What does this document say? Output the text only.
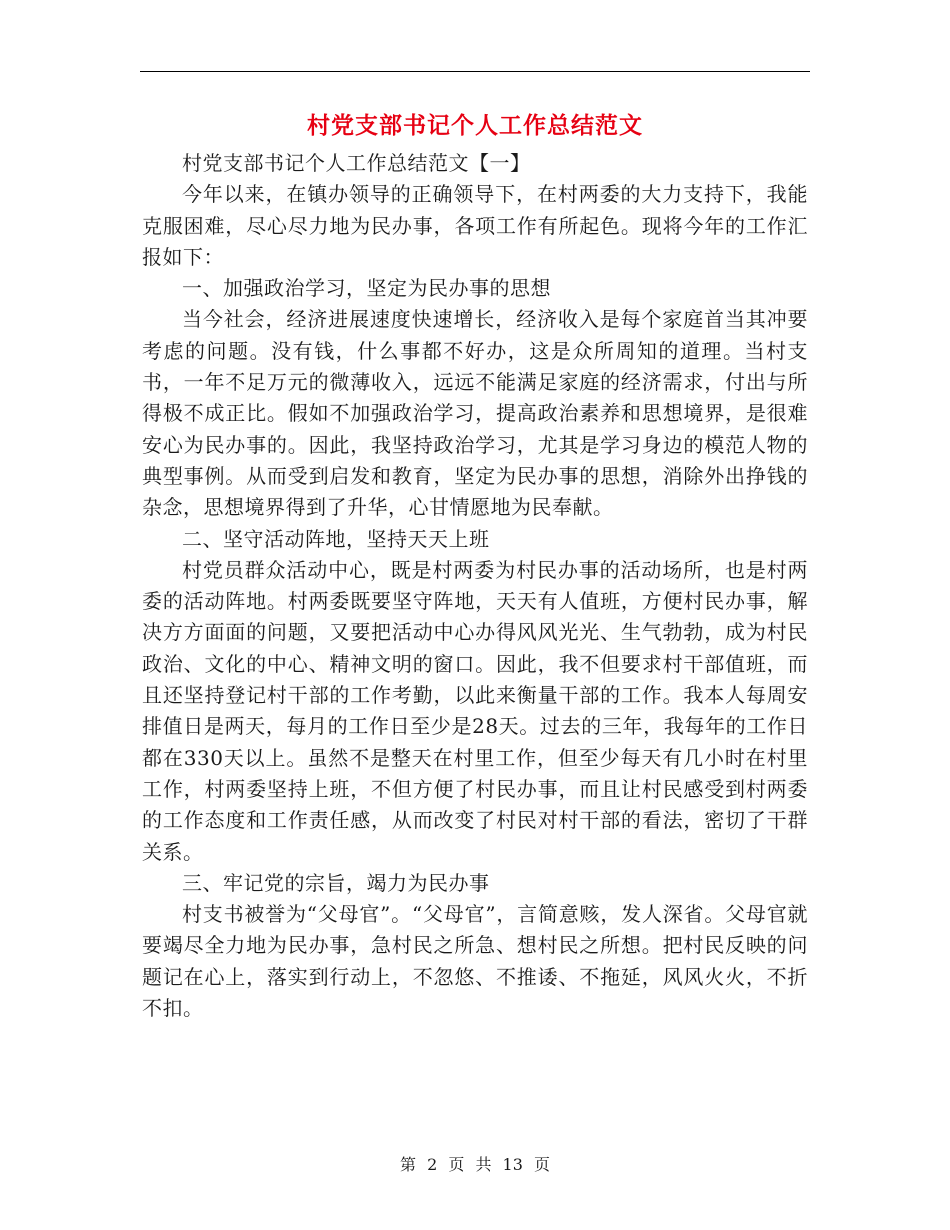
村党支部书记个人工作总结范文

村党支部书记个人工作总结范文【一】

今年以来，在镇办领导的正确领导下，在村两委的大力支持下，我能克服困难，尽心尽力地为民办事，各项工作有所起色。现将今年的工作汇报如下：

一、加强政治学习，坚定为民办事的思想

当今社会，经济进展速度快速增长，经济收入是每个家庭首当其冲要考虑的问题。没有钱，什么事都不好办，这是众所周知的道理。当村支书，一年不足万元的微薄收入，远远不能满足家庭的经济需求，付出与所得极不成正比。假如不加强政治学习，提高政治素养和思想境界，是很难安心为民办事的。因此，我坚持政治学习，尤其是学习身边的模范人物的典型事例。从而受到启发和教育，坚定为民办事的思想，消除外出挣钱的杂念，思想境界得到了升华，心甘情愿地为民奉献。

二、坚守活动阵地，坚持天天上班

村党员群众活动中心，既是村两委为村民办事的活动场所，也是村两委的活动阵地。村两委既要坚守阵地，天天有人值班，方便村民办事，解决方方面面的问题，又要把活动中心办得风风光光、生气勃勃，成为村民政治、文化的中心、精神文明的窗口。因此，我不但要求村干部值班，而且还坚持登记村干部的工作考勤，以此来衡量干部的工作。我本人每周安排值日是两天，每月的工作日至少是28天。过去的三年，我每年的工作日都在330天以上。虽然不是整天在村里工作，但至少每天有几小时在村里工作，村两委坚持上班，不但方便了村民办事，而且让村民感受到村两委的工作态度和工作责任感，从而改变了村民对村干部的看法，密切了干群关系。

三、牢记党的宗旨，竭力为民办事

村支书被誉为“父母官”。“父母官”，言简意赅，发人深省。父母官就要竭尽全力地为民办事，急村民之所急、想村民之所想。把村民反映的问题记在心上，落实到行动上，不忽悠、不推诿、不拖延，风风火火，不折不扣。

第 2 页 共 13 页
